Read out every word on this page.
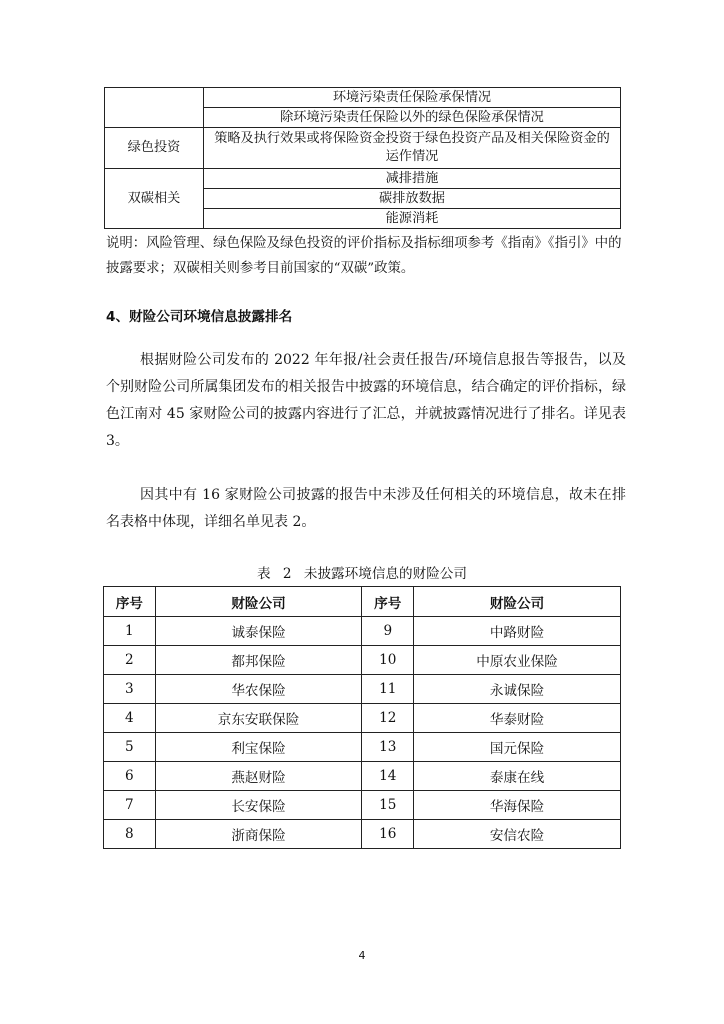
	环境污染责任保险承保情况
	除环境污染责任保险以外的绿色保险承保情况
绿色投资	策略及执行效果或将保险资金投资于绿色投资产品及相关保险资金的运作情况
双碳相关	减排措施
	碳排放数据
	能源消耗

说明：风险管理、绿色保险及绿色投资的评价指标及指标细项参考《指南》《指引》中的披露要求；双碳相关则参考目前国家的“双碳”政策。

4、财险公司环境信息披露排名

根据财险公司发布的 2022 年年报/社会责任报告/环境信息报告等报告，以及个别财险公司所属集团发布的相关报告中披露的环境信息，结合确定的评价指标，绿色江南对 45 家财险公司的披露内容进行了汇总，并就披露情况进行了排名。详见表 3。

因其中有 16 家财险公司披露的报告中未涉及任何相关的环境信息，故未在排名表格中体现，详细名单见表 2。

表 2 未披露环境信息的财险公司

序号	财险公司	序号	财险公司
1	诚泰保险	9	中路财险
2	都邦保险	10	中原农业保险
3	华农保险	11	永诚保险
4	京东安联保险	12	华泰财险
5	利宝保险	13	国元保险
6	燕赵财险	14	泰康在线
7	长安保险	15	华海保险
8	浙商保险	16	安信农险
4
